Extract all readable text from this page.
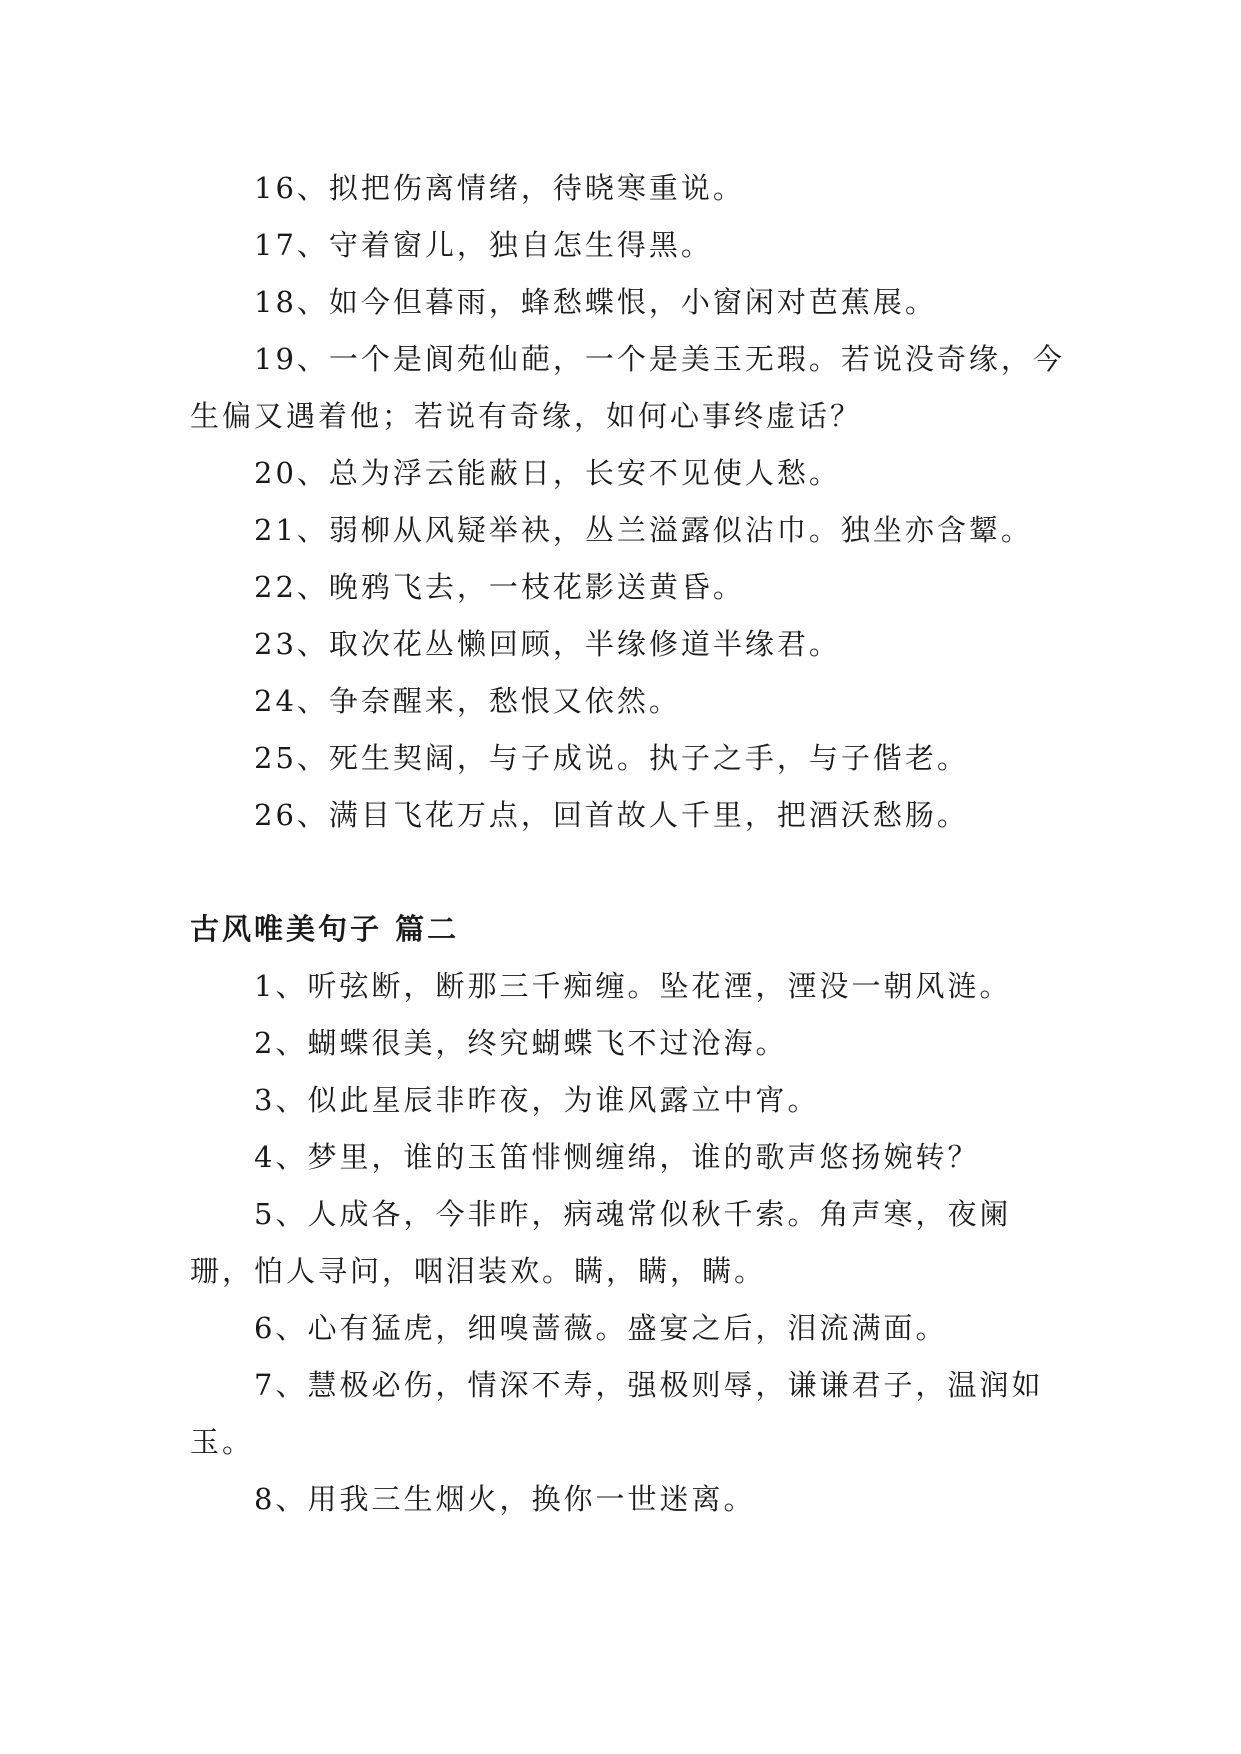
16、拟把伤离情绪，待晓寒重说。

17、守着窗儿，独自怎生得黑。

18、如今但暮雨，蜂愁蝶恨，小窗闲对芭蕉展。

19、一个是阆苑仙葩，一个是美玉无瑕。若说没奇缘，今生偏又遇着他；若说有奇缘，如何心事终虚话？

20、总为浮云能蔽日，长安不见使人愁。

21、弱柳从风疑举袂，丛兰溢露似沾巾。独坐亦含颦。

22、晚鸦飞去，一枝花影送黄昏。

23、取次花丛懒回顾，半缘修道半缘君。

24、争奈醒来，愁恨又依然。

25、死生契阔，与子成说。执子之手，与子偕老。

26、满目飞花万点，回首故人千里，把酒沃愁肠。

古风唯美句子 篇二

1、听弦断，断那三千痴缠。坠花湮，湮没一朝风涟。

2、蝴蝶很美，终究蝴蝶飞不过沧海。

3、似此星辰非昨夜，为谁风露立中宵。

4、梦里，谁的玉笛悱恻缠绵，谁的歌声悠扬婉转？

5、人成各，今非昨，病魂常似秋千索。角声寒，夜阑珊，怕人寻问，咽泪装欢。瞒，瞒，瞒。

6、心有猛虎，细嗅蔷薇。盛宴之后，泪流满面。

7、慧极必伤，情深不寿，强极则辱，谦谦君子，温润如玉。

8、用我三生烟火，换你一世迷离。
